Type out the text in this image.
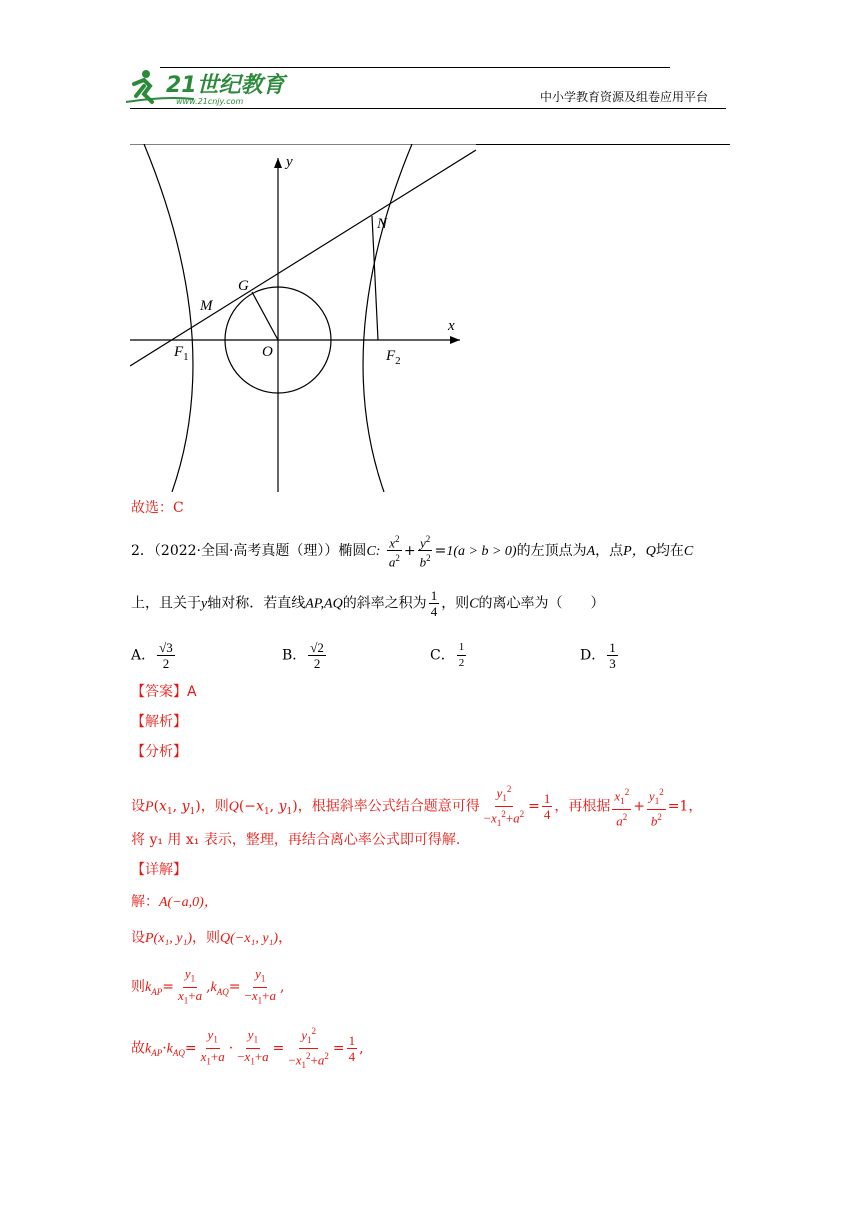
21世纪教育
www.21cnjy.com	中小学教育资源及组卷应用平台
y
x
N
G
M
$F_1$	O	$F_2$
故选：C
2．（2022·全国·高考真题（理））椭圆C: $\frac{x^2}{a^2} + \frac{y^2}{b^2} =1(a > b > 0)$的左顶点为A，点P，Q均在C
上，且关于y轴对称．若直线AP,AQ的斜率之积为 $\frac{1}{4}$ ，则C的离心率为（　　）
A． $\frac{√3}{2}$	B． $\frac{√2}{2}$	C． $\frac{1}{2}$	D． $\frac{1}{3}$
【答案】A
【解析】
【分析】
设$P(x_1$, $y_1$)，则$Q(-x_1$, $y_1$)，根据斜率公式结合题意可得 $\frac{y_1^2}{-x_1^2+a^2} = \frac{1}{4}$ ，再根据 $\frac{x_1^2}{a^2} + \frac{y_1^2}{b^2} =1$，
将 y₁ 用 x₁ 表示，整理，再结合离心率公式即可得解.
【详解】
解：A(−a,0)，
设P(x₁, y₁)，则Q(−x₁, y₁)，
则$k_{AP}= \frac{y_1}{x_1+a} ,k_{AQ}= \frac{y_1}{-x_1+a}$ ,
故$k_{AP}\cdot k_{AQ}= \frac{y_1}{x_1+a} \cdot \frac{y_1}{-x_1+a} = \frac{y_1^2}{-x_1^2+a^2} = \frac{1}{4}$ ,
